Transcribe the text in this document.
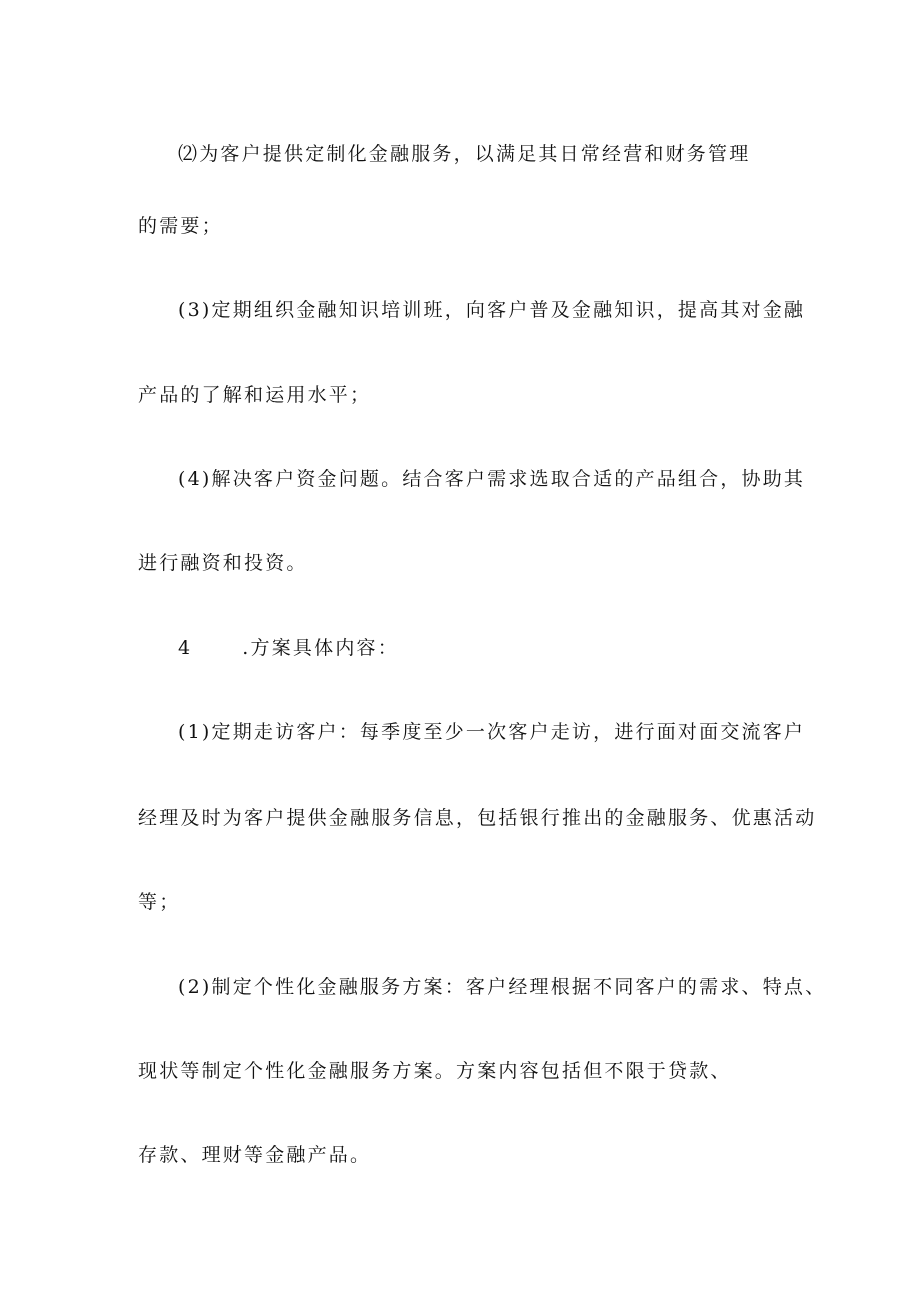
⑵为客户提供定制化金融服务，以满足其日常经营和财务管理
的需要；
(3)定期组织金融知识培训班，向客户普及金融知识，提高其对金融
产品的了解和运用水平；
(4)解决客户资金问题。结合客户需求选取合适的产品组合，协助其
进行融资和投资。
4	.方案具体内容：
(1)定期走访客户：每季度至少一次客户走访，进行面对面交流客户
经理及时为客户提供金融服务信息，包括银行推出的金融服务、优惠活动
等；
(2)制定个性化金融服务方案：客户经理根据不同客户的需求、特点、
现状等制定个性化金融服务方案。方案内容包括但不限于贷款、
存款、理财等金融产品。
